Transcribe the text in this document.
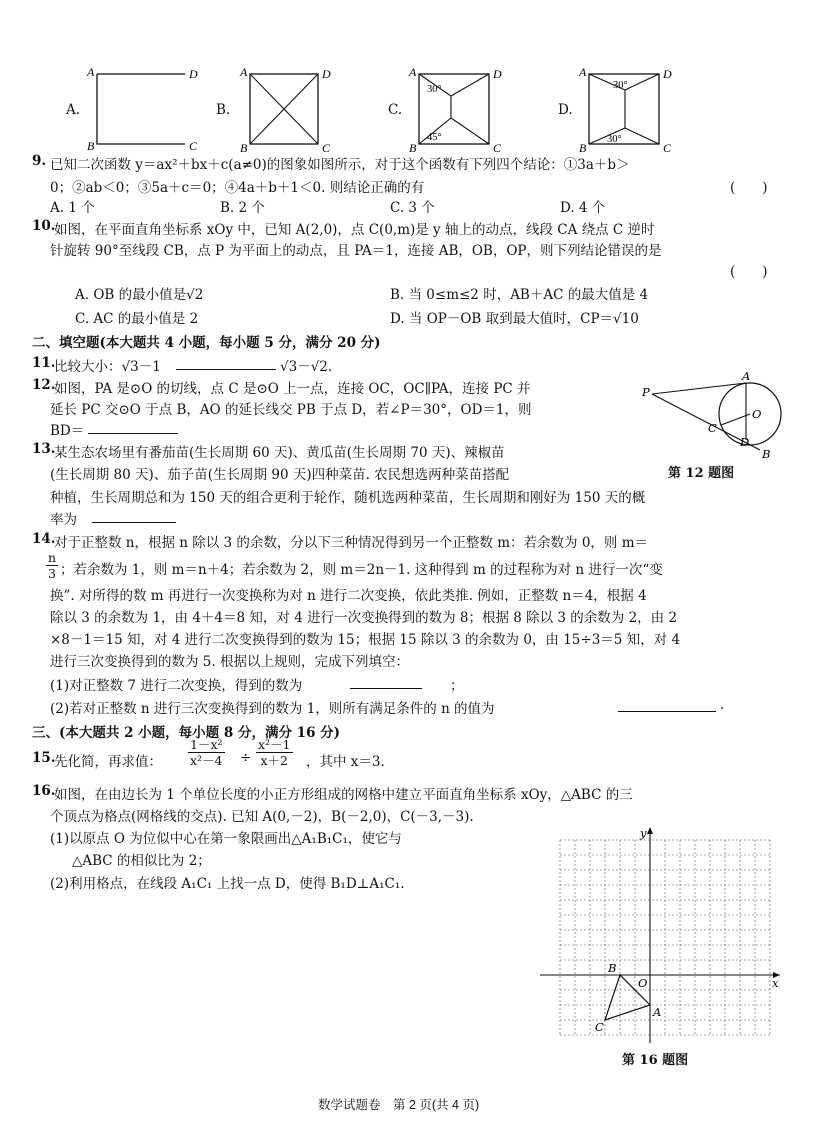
A.
A	D
B	C
B.
A	D
B	C
C.
30°
45°
A	D
B	C
D.
30°
30°
A	D
B	C
9. 已知二次函数 y＝ax²＋bx＋c(a≠0)的图象如图所示，对于这个函数有下列四个结论：①3a＋b＞
0；②ab＜0；③5a＋c＝0；④4a＋b＋1＜0. 则结论正确的有	(　　)
A. 1 个	B. 2 个	C. 3 个	D. 4 个
10.
如图，在平面直角坐标系 xOy 中，已知 A(2,0)，点 C(0,m)是 y 轴上的动点，线段 CA 绕点 C 逆时
针旋转 90°至线段 CB，点 P 为平面上的动点，且 PA＝1，连接 AB，OB，OP，则下列结论错误的是
(　　)
A. OB 的最小值是√2	B. 当 0≤m≤2 时，AB＋AC 的最大值是 4
C. AC 的最小值是 2	D. 当 OP－OB 取到最大值时，CP＝√10
二、填空题(本大题共 4 小题，每小题 5 分，满分 20 分)
11.
比较大小：√3－1	√3－√2.
12.
如图，PA 是⊙O 的切线，点 C 是⊙O 上一点，连接 OC，OC∥PA，连接 PC 并
延长 PC 交⊙O 于点 B，AO 的延长线交 PB 于点 D，若∠P＝30°，OD＝1，则
BD＝
P
A
O
C
D
B
第 12 题图
13.
某生态农场里有番茄苗(生长周期 60 天)、黄瓜苗(生长周期 70 天)、辣椒苗
(生长周期 80 天)、茄子苗(生长周期 90 天)四种菜苗. 农民想选两种菜苗搭配
种植，生长周期总和为 150 天的组合更利于轮作，随机选两种菜苗，生长周期和刚好为 150 天的概
率为
14.
对于正整数 n，根据 n 除以 3 的余数，分以下三种情况得到另一个正整数 m：若余数为 0，则 m＝
$\frac{n}{3}$ ；若余数为 1，则 m＝n＋4；若余数为 2，则 m＝2n－1. 这种得到 m 的过程称为对 n 进行一次“变
换”. 对所得的数 m 再进行一次变换称为对 n 进行二次变换，依此类推. 例如，正整数 n＝4，根据 4
除以 3 的余数为 1，由 4＋4＝8 知，对 4 进行一次变换得到的数为 8；根据 8 除以 3 的余数为 2，由 2
×8－1＝15 知，对 4 进行二次变换得到的数为 15；根据 15 除以 3 的余数为 0，由 15÷3＝5 知，对 4
进行三次变换得到的数为 5. 根据以上规则，完成下列填空：
(1)对正整数 7 进行二次变换，得到的数为	；
(2)若对正整数 n 进行三次变换得到的数为 1，则所有满足条件的 n 的值为	.
三、(本大题共 2 小题，每小题 8 分，满分 16 分)
15.
先化简，再求值： $\frac{\text{1－x²}}{\text{x²－4}} \div \frac{\text{x²－1}}{x+2}$ ，其中 x＝3.
16.
如图，在由边长为 1 个单位长度的小正方形组成的网格中建立平面直角坐标系 xOy，△ABC 的三
个顶点为格点(网格线的交点). 已知 A(0,－2)，B(－2,0)，C(－3,－3).
(1)以原点 O 为位似中心在第一象限画出△A₁B₁C₁，使它与
△ABC 的相似比为 2；
(2)利用格点，在线段 A₁C₁ 上找一点 D，使得 B₁D⊥A₁C₁.
x
y
O
A
B
C
第 16 题图
数学试题卷　第 2 页(共 4 页)
